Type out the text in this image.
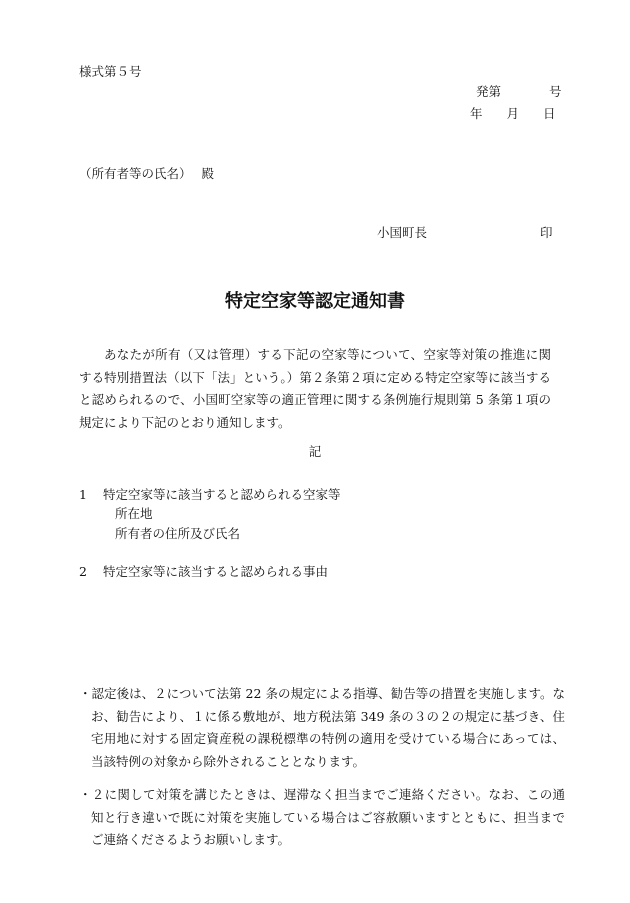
様式第５号
発第	号
年 月 日
（所有者等の氏名） 殿
小国町長	印
特定空家等認定通知書
あなたが所有（又は管理）する下記の空家等について、空家等対策の推進に関する特別措置法（以下「法」という。）第２条第２項に定める特定空家等に該当すると認められるので、小国町空家等の適正管理に関する条例施行規則第 5 条第１項の規定により下記のとおり通知します。
記
1 特定空家等に該当すると認められる空家等
所在地
所有者の住所及び氏名
2 特定空家等に該当すると認められる事由
・認定後は、２について法第 22 条の規定による指導、勧告等の措置を実施します。なお、勧告により、１に係る敷地が、地方税法第 349 条の３の２の規定に基づき、住宅用地に対する固定資産税の課税標準の特例の適用を受けている場合にあっては、当該特例の対象から除外されることとなります。
・２に関して対策を講じたときは、遅滞なく担当までご連絡ください。なお、この通知と行き違いで既に対策を実施している場合はご容赦願いますとともに、担当までご連絡くださるようお願いします。
